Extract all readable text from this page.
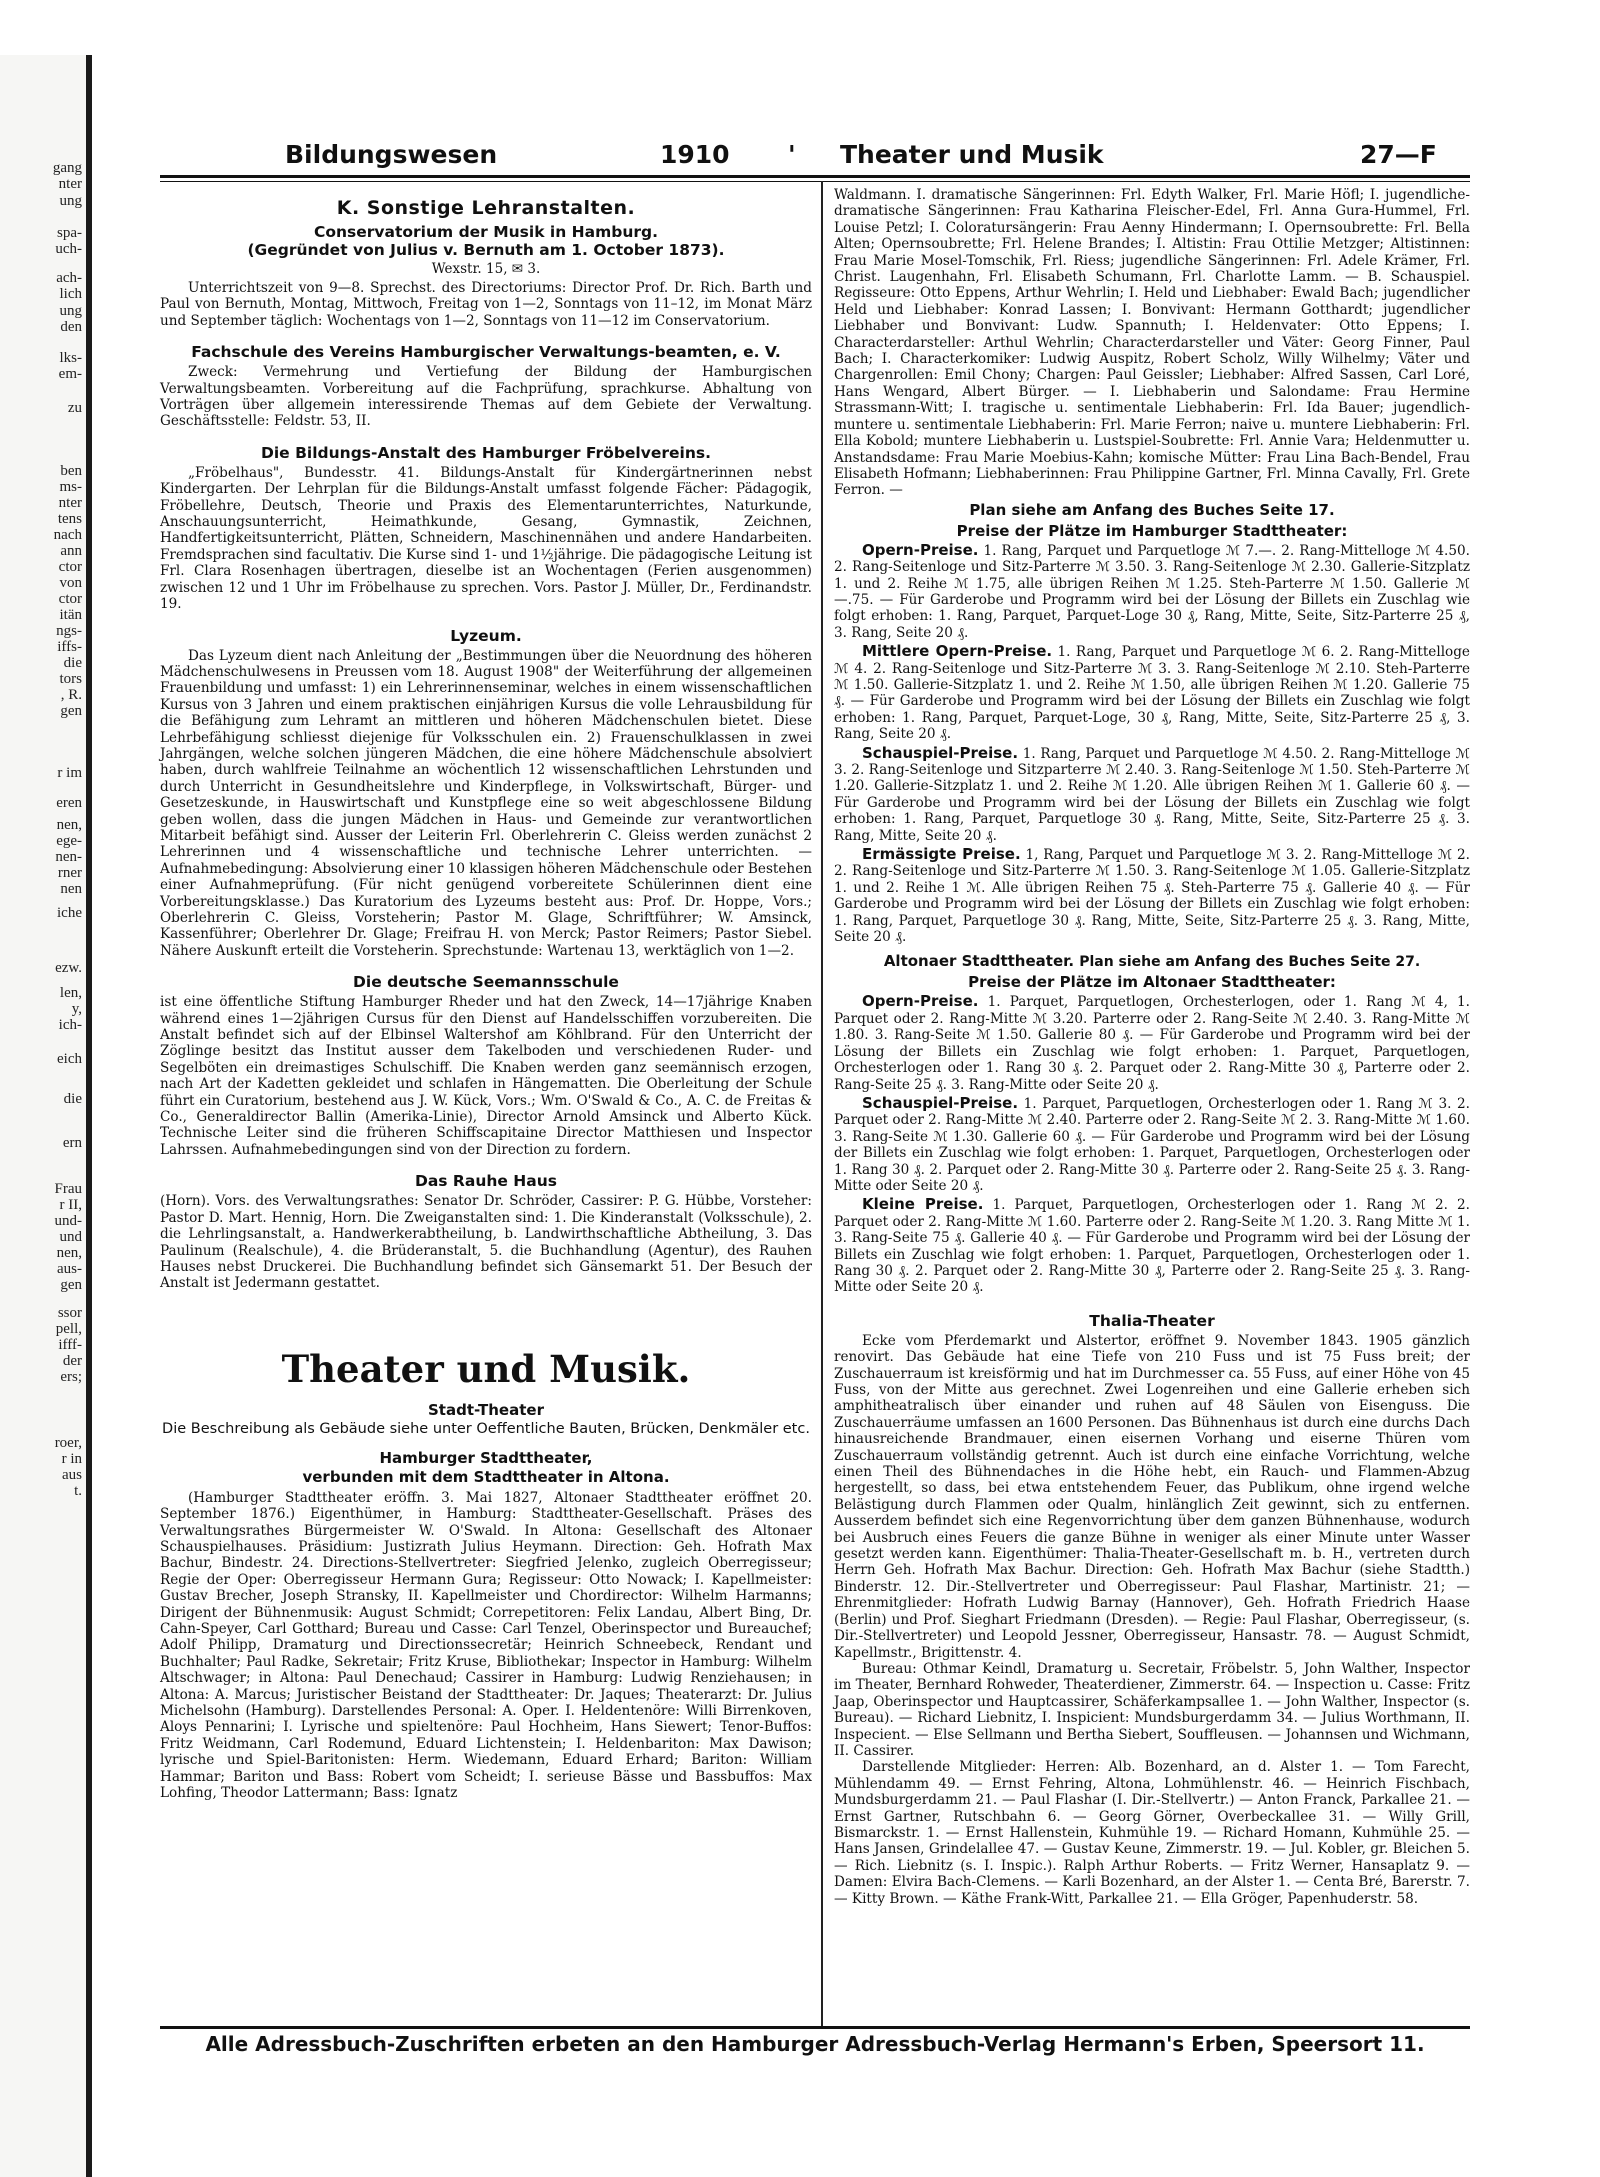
gang
nter
ung
spa-
uch-
ach-
lich
ung
den
lks-
em-
zu
ben
ms-
nter
tens
nach
ann
ctor
von
ctor
itän
ngs-
iffs-
die
tors
, R.
gen
r im
eren
nen,
ege-
nen-
rner
nen
iche
ezw.
len,
y,
ich-
eich
die
ern
Frau
r II,
und-
und
nen,
aus-
gen
ssor
pell,
ifff-
der
ers;
roer,
r in
aus
t.
Bildungswesen	1910 ' Theater und Musik	27—F
K. Sonstige Lehranstalten.
Conservatorium der Musik in Hamburg.
(Gegründet von Julius v. Bernuth am 1. October 1873).
Wexstr. 15, ✉ 3.

Unterrichtszeit von 9—8. Sprechst. des Directoriums: Director Prof. Dr. Rich. Barth und Paul von Bernuth, Montag, Mittwoch, Freitag von 1—2, Sonntags von 11–12, im Monat März und September täglich: Wochentags von 1—2, Sonntags von 11—12 im Conservatorium.

Fachschule des Vereins Hamburgischer Verwaltungs-beamten, e. V.

Zweck: Vermehrung und Vertiefung der Bildung der Hamburgischen Verwaltungsbeamten. Vorbereitung auf die Fachprüfung, sprachkurse. Abhaltung von Vorträgen über allgemein interessirende Themas auf dem Gebiete der Verwaltung. Geschäftsstelle: Feldstr. 53, II.

Die Bildungs-Anstalt des Hamburger Fröbelvereins.

„Fröbelhaus", Bundesstr. 41. Bildungs-Anstalt für Kindergärtnerinnen nebst Kindergarten. Der Lehrplan für die Bildungs-Anstalt umfasst folgende Fächer: Pädagogik, Fröbellehre, Deutsch, Theorie und Praxis des Elementarunterrichtes, Naturkunde, Anschauungsunterricht, Heimathkunde, Gesang, Gymnastik, Zeichnen, Handfertigkeitsunterricht, Plätten, Schneidern, Maschinennähen und andere Handarbeiten. Fremdsprachen sind facultativ. Die Kurse sind 1- und 1½jährige. Die pädagogische Leitung ist Frl. Clara Rosenhagen übertragen, dieselbe ist an Wochentagen (Ferien ausgenommen) zwischen 12 und 1 Uhr im Fröbelhause zu sprechen. Vors. Pastor J. Müller, Dr., Ferdinandstr. 19.

Lyzeum.

Das Lyzeum dient nach Anleitung der „Bestimmungen über die Neuordnung des höheren Mädchenschulwesens in Preussen vom 18. August 1908" der Weiterführung der allgemeinen Frauenbildung und umfasst: 1) ein Lehrerinnenseminar, welches in einem wissenschaftlichen Kursus von 3 Jahren und einem praktischen einjährigen Kursus die volle Lehrausbildung für die Befähigung zum Lehramt an mittleren und höheren Mädchenschulen bietet. Diese Lehrbefähigung schliesst diejenige für Volksschulen ein. 2) Frauenschulklassen in zwei Jahrgängen, welche solchen jüngeren Mädchen, die eine höhere Mädchenschule absolviert haben, durch wahlfreie Teilnahme an wöchentlich 12 wissenschaftlichen Lehrstunden und durch Unterricht in Gesundheitslehre und Kinderpflege, in Volkswirtschaft, Bürger- und Gesetzeskunde, in Hauswirtschaft und Kunstpflege eine so weit abgeschlossene Bildung geben wollen, dass die jungen Mädchen in Haus- und Gemeinde zur verantwortlichen Mitarbeit befähigt sind. Ausser der Leiterin Frl. Oberlehrerin C. Gleiss werden zunächst 2 Lehrerinnen und 4 wissenschaftliche und technische Lehrer unterrichten. — Aufnahmebedingung: Absolvierung einer 10 klassigen höheren Mädchenschule oder Bestehen einer Aufnahmeprüfung. (Für nicht genügend vorbereitete Schülerinnen dient eine Vorbereitungsklasse.) Das Kuratorium des Lyzeums besteht aus: Prof. Dr. Hoppe, Vors.; Oberlehrerin C. Gleiss, Vorsteherin; Pastor M. Glage, Schriftführer; W. Amsinck, Kassenführer; Oberlehrer Dr. Glage; Freifrau H. von Merck; Pastor Reimers; Pastor Siebel. Nähere Auskunft erteilt die Vorsteherin. Sprechstunde: Wartenau 13, werktäglich von 1—2.

Die deutsche Seemannsschule

ist eine öffentliche Stiftung Hamburger Rheder und hat den Zweck, 14—17jährige Knaben während eines 1—2jährigen Cursus für den Dienst auf Handelsschiffen vorzubereiten. Die Anstalt befindet sich auf der Elbinsel Waltershof am Köhlbrand. Für den Unterricht der Zöglinge besitzt das Institut ausser dem Takelboden und verschiedenen Ruder- und Segelböten ein dreimastiges Schulschiff. Die Knaben werden ganz seemännisch erzogen, nach Art der Kadetten gekleidet und schlafen in Hängematten. Die Oberleitung der Schule führt ein Curatorium, bestehend aus J. W. Kück, Vors.; Wm. O'Swald & Co., A. C. de Freitas & Co., Generaldirector Ballin (Amerika-Linie), Director Arnold Amsinck und Alberto Kück. Technische Leiter sind die früheren Schiffscapitaine Director Matthiesen und Inspector Lahrssen. Aufnahmebedingungen sind von der Direction zu fordern.

Das Rauhe Haus

(Horn). Vors. des Verwaltungsrathes: Senator Dr. Schröder, Cassirer: P. G. Hübbe, Vorsteher: Pastor D. Mart. Hennig, Horn. Die Zweiganstalten sind: 1. Die Kinderanstalt (Volksschule), 2. die Lehrlingsanstalt, a. Handwerkerabtheilung, b. Landwirthschaftliche Abtheilung, 3. Das Paulinum (Realschule), 4. die Brüderanstalt, 5. die Buchhandlung (Agentur), des Rauhen Hauses nebst Druckerei. Die Buchhandlung befindet sich Gänsemarkt 51. Der Besuch der Anstalt ist Jedermann gestattet.

Theater und Musik.
Stadt-Theater
Die Beschreibung als Gebäude siehe unter Oeffentliche Bauten, Brücken, Denkmäler etc.
Hamburger Stadttheater,
verbunden mit dem Stadttheater in Altona.

(Hamburger Stadttheater eröffn. 3. Mai 1827, Altonaer Stadttheater eröffnet 20. September 1876.) Eigenthümer, in Hamburg: Stadttheater-Gesellschaft. Präses des Verwaltungsrathes Bürgermeister W. O'Swald. In Altona: Gesellschaft des Altonaer Schauspielhauses. Präsidium: Justizrath Julius Heymann. Direction: Geh. Hofrath Max Bachur, Bindestr. 24. Directions-Stellvertreter: Siegfried Jelenko, zugleich Oberregisseur; Regie der Oper: Oberregisseur Hermann Gura; Regisseur: Otto Nowack; I. Kapellmeister: Gustav Brecher, Joseph Stransky, II. Kapellmeister und Chordirector: Wilhelm Harmanns; Dirigent der Bühnenmusik: August Schmidt; Correpetitoren: Felix Landau, Albert Bing, Dr. Cahn-Speyer, Carl Gotthard; Bureau und Casse: Carl Tenzel, Oberinspector und Bureauchef; Adolf Philipp, Dramaturg und Directionssecretär; Heinrich Schneebeck, Rendant und Buchhalter; Paul Radke, Sekretair; Fritz Kruse, Bibliothekar; Inspector in Hamburg: Wilhelm Altschwager; in Altona: Paul Denechaud; Cassirer in Hamburg: Ludwig Renziehausen; in Altona: A. Marcus; Juristischer Beistand der Stadttheater: Dr. Jaques; Theaterarzt: Dr. Julius Michelsohn (Hamburg). Darstellendes Personal: A. Oper. I. Heldentenöre: Willi Birrenkoven, Aloys Pennarini; I. Lyrische und spieltenöre: Paul Hochheim, Hans Siewert; Tenor-Buffos: Fritz Weidmann, Carl Rodemund, Eduard Lichtenstein; I. Heldenbariton: Max Dawison; lyrische und Spiel-Baritonisten: Herm. Wiedemann, Eduard Erhard; Bariton: William Hammar; Bariton und Bass: Robert vom Scheidt; I. serieuse Bässe und Bassbuffos: Max Lohfing, Theodor Lattermann; Bass: Ignatz

Waldmann. I. dramatische Sängerinnen: Frl. Edyth Walker, Frl. Marie Höfl; I. jugendliche-dramatische Sängerinnen: Frau Katharina Fleischer-Edel, Frl. Anna Gura-Hummel, Frl. Louise Petzl; I. Coloratursängerin: Frau Aenny Hindermann; I. Opernsoubrette: Frl. Bella Alten; Opernsoubrette; Frl. Helene Brandes; I. Altistin: Frau Ottilie Metzger; Altistinnen: Frau Marie Mosel-Tomschik, Frl. Riess; jugendliche Sängerinnen: Frl. Adele Krämer, Frl. Christ. Laugenhahn, Frl. Elisabeth Schumann, Frl. Charlotte Lamm. — B. Schauspiel. Regisseure: Otto Eppens, Arthur Wehrlin; I. Held und Liebhaber: Ewald Bach; jugendlicher Held und Liebhaber: Konrad Lassen; I. Bonvivant: Hermann Gotthardt; jugendlicher Liebhaber und Bonvivant: Ludw. Spannuth; I. Heldenvater: Otto Eppens; I. Characterdarsteller: Arthul Wehrlin; Characterdarsteller und Väter: Georg Finner, Paul Bach; I. Characterkomiker: Ludwig Auspitz, Robert Scholz, Willy Wilhelmy; Väter und Chargenrollen: Emil Chony; Chargen: Paul Geissler; Liebhaber: Alfred Sassen, Carl Loré, Hans Wengard, Albert Bürger. — I. Liebhaberin und Salondame: Frau Hermine Strassmann-Witt; I. tragische u. sentimentale Liebhaberin: Frl. Ida Bauer; jugendlich-muntere u. sentimentale Liebhaberin: Frl. Marie Ferron; naive u. muntere Liebhaberin: Frl. Ella Kobold; muntere Liebhaberin u. Lustspiel-Soubrette: Frl. Annie Vara; Heldenmutter u. Anstandsdame: Frau Marie Moebius-Kahn; komische Mütter: Frau Lina Bach-Bendel, Frau Elisabeth Hofmann; Liebhaberinnen: Frau Philippine Gartner, Frl. Minna Cavally, Frl. Grete Ferron. —

Plan siehe am Anfang des Buches Seite 17.
Preise der Plätze im Hamburger Stadttheater:

Opern-Preise. 1. Rang, Parquet und Parquetloge ℳ 7.—. 2. Rang-Mittelloge ℳ 4.50. 2. Rang-Seitenloge und Sitz-Parterre ℳ 3.50. 3. Rang-Seitenloge ℳ 2.30. Gallerie-Sitzplatz 1. und 2. Reihe ℳ 1.75, alle übrigen Reihen ℳ 1.25. Steh-Parterre ℳ 1.50. Gallerie ℳ —.75. — Für Garderobe und Programm wird bei der Lösung der Billets ein Zuschlag wie folgt erhoben: 1. Rang, Parquet, Parquet-Loge 30 ₰, Rang, Mitte, Seite, Sitz-Parterre 25 ₰, 3. Rang, Seite 20 ₰.

Mittlere Opern-Preise. 1. Rang, Parquet und Parquetloge ℳ 6. 2. Rang-Mittelloge ℳ 4. 2. Rang-Seitenloge und Sitz-Parterre ℳ 3. 3. Rang-Seitenloge ℳ 2.10. Steh-Parterre ℳ 1.50. Gallerie-Sitzplatz 1. und 2. Reihe ℳ 1.50, alle übrigen Reihen ℳ 1.20. Gallerie 75 ₰. — Für Garderobe und Programm wird bei der Lösung der Billets ein Zuschlag wie folgt erhoben: 1. Rang, Parquet, Parquet-Loge, 30 ₰, Rang, Mitte, Seite, Sitz-Parterre 25 ₰, 3. Rang, Seite 20 ₰.

Schauspiel-Preise. 1. Rang, Parquet und Parquetloge ℳ 4.50. 2. Rang-Mittelloge ℳ 3. 2. Rang-Seitenloge und Sitzparterre ℳ 2.40. 3. Rang-Seitenloge ℳ 1.50. Steh-Parterre ℳ 1.20. Gallerie-Sitzplatz 1. und 2. Reihe ℳ 1.20. Alle übrigen Reihen ℳ 1. Gallerie 60 ₰. — Für Garderobe und Programm wird bei der Lösung der Billets ein Zuschlag wie folgt erhoben: 1. Rang, Parquet, Parquetloge 30 ₰. Rang, Mitte, Seite, Sitz-Parterre 25 ₰. 3. Rang, Mitte, Seite 20 ₰.

Ermässigte Preise. 1, Rang, Parquet und Parquetloge ℳ 3. 2. Rang-Mittelloge ℳ 2. 2. Rang-Seitenloge und Sitz-Parterre ℳ 1.50. 3. Rang-Seitenloge ℳ 1.05. Gallerie-Sitzplatz 1. und 2. Reihe 1 ℳ. Alle übrigen Reihen 75 ₰. Steh-Parterre 75 ₰. Gallerie 40 ₰. — Für Garderobe und Programm wird bei der Lösung der Billets ein Zuschlag wie folgt erhoben: 1. Rang, Parquet, Parquetloge 30 ₰. Rang, Mitte, Seite, Sitz-Parterre 25 ₰. 3. Rang, Mitte, Seite 20 ₰.

Altonaer Stadttheater. Plan siehe am Anfang des Buches Seite 27.
Preise der Plätze im Altonaer Stadttheater:

Opern-Preise. 1. Parquet, Parquetlogen, Orchesterlogen, oder 1. Rang ℳ 4, 1. Parquet oder 2. Rang-Mitte ℳ 3.20. Parterre oder 2. Rang-Seite ℳ 2.40. 3. Rang-Mitte ℳ 1.80. 3. Rang-Seite ℳ 1.50. Gallerie 80 ₰. — Für Garderobe und Programm wird bei der Lösung der Billets ein Zuschlag wie folgt erhoben: 1. Parquet, Parquetlogen, Orchesterlogen oder 1. Rang 30 ₰. 2. Parquet oder 2. Rang-Mitte 30 ₰, Parterre oder 2. Rang-Seite 25 ₰. 3. Rang-Mitte oder Seite 20 ₰.

Schauspiel-Preise. 1. Parquet, Parquetlogen, Orchesterlogen oder 1. Rang ℳ 3. 2. Parquet oder 2. Rang-Mitte ℳ 2.40. Parterre oder 2. Rang-Seite ℳ 2. 3. Rang-Mitte ℳ 1.60. 3. Rang-Seite ℳ 1.30. Gallerie 60 ₰. — Für Garderobe und Programm wird bei der Lösung der Billets ein Zuschlag wie folgt erhoben: 1. Parquet, Parquetlogen, Orchesterlogen oder 1. Rang 30 ₰. 2. Parquet oder 2. Rang-Mitte 30 ₰. Parterre oder 2. Rang-Seite 25 ₰. 3. Rang-Mitte oder Seite 20 ₰.

Kleine Preise. 1. Parquet, Parquetlogen, Orchesterlogen oder 1. Rang ℳ 2. 2. Parquet oder 2. Rang-Mitte ℳ 1.60. Parterre oder 2. Rang-Seite ℳ 1.20. 3. Rang Mitte ℳ 1. 3. Rang-Seite 75 ₰. Gallerie 40 ₰. — Für Garderobe und Programm wird bei der Lösung der Billets ein Zuschlag wie folgt erhoben: 1. Parquet, Parquetlogen, Orchesterlogen oder 1. Rang 30 ₰. 2. Parquet oder 2. Rang-Mitte 30 ₰, Parterre oder 2. Rang-Seite 25 ₰. 3. Rang-Mitte oder Seite 20 ₰.

Thalia-Theater

Ecke vom Pferdemarkt und Alstertor, eröffnet 9. November 1843. 1905 gänzlich renovirt. Das Gebäude hat eine Tiefe von 210 Fuss und ist 75 Fuss breit; der Zuschauerraum ist kreisförmig und hat im Durchmesser ca. 55 Fuss, auf einer Höhe von 45 Fuss, von der Mitte aus gerechnet. Zwei Logenreihen und eine Gallerie erheben sich amphitheatralisch über einander und ruhen auf 48 Säulen von Eisenguss. Die Zuschauerräume umfassen an 1600 Personen. Das Bühnenhaus ist durch eine durchs Dach hinausreichende Brandmauer, einen eisernen Vorhang und eiserne Thüren vom Zuschauerraum vollständig getrennt. Auch ist durch eine einfache Vorrichtung, welche einen Theil des Bühnendaches in die Höhe hebt, ein Rauch- und Flammen-Abzug hergestellt, so dass, bei etwa entstehendem Feuer, das Publikum, ohne irgend welche Belästigung durch Flammen oder Qualm, hinlänglich Zeit gewinnt, sich zu entfernen. Ausserdem befindet sich eine Regenvorrichtung über dem ganzen Bühnenhause, wodurch bei Ausbruch eines Feuers die ganze Bühne in weniger als einer Minute unter Wasser gesetzt werden kann. Eigenthümer: Thalia-Theater-Gesellschaft m. b. H., vertreten durch Herrn Geh. Hofrath Max Bachur. Direction: Geh. Hofrath Max Bachur (siehe Stadtth.) Binderstr. 12. Dir.-Stellvertreter und Oberregisseur: Paul Flashar, Martinistr. 21; — Ehrenmitglieder: Hofrath Ludwig Barnay (Hannover), Geh. Hofrath Friedrich Haase (Berlin) und Prof. Sieghart Friedmann (Dresden). — Regie: Paul Flashar, Oberregisseur, (s. Dir.-Stellvertreter) und Leopold Jessner, Oberregisseur, Hansastr. 78. — August Schmidt, Kapellmstr., Brigittenstr. 4.

Bureau: Othmar Keindl, Dramaturg u. Secretair, Fröbelstr. 5, John Walther, Inspector im Theater, Bernhard Rohweder, Theaterdiener, Zimmerstr. 64. — Inspection u. Casse: Fritz Jaap, Oberinspector und Hauptcassirer, Schäferkampsallee 1. — John Walther, Inspector (s. Bureau). — Richard Liebnitz, I. Inspicient: Mundsburgerdamm 34. — Julius Worthmann, II. Inspecient. — Else Sellmann und Bertha Siebert, Souffleusen. — Johannsen und Wichmann, II. Cassirer.

Darstellende Mitglieder: Herren: Alb. Bozenhard, an d. Alster 1. — Tom Farecht, Mühlendamm 49. — Ernst Fehring, Altona, Lohmühlenstr. 46. — Heinrich Fischbach, Mundsburgerdamm 21. — Paul Flashar (I. Dir.-Stellvertr.) — Anton Franck, Parkallee 21. — Ernst Gartner, Rutschbahn 6. — Georg Görner, Overbeckallee 31. — Willy Grill, Bismarckstr. 1. — Ernst Hallenstein, Kuhmühle 19. — Richard Homann, Kuhmühle 25. — Hans Jansen, Grindelallee 47. — Gustav Keune, Zimmerstr. 19. — Jul. Kobler, gr. Bleichen 5. — Rich. Liebnitz (s. I. Inspic.). Ralph Arthur Roberts. — Fritz Werner, Hansaplatz 9. — Damen: Elvira Bach-Clemens. — Karli Bozenhard, an der Alster 1. — Centa Bré, Barerstr. 7. — Kitty Brown. — Käthe Frank-Witt, Parkallee 21. — Ella Gröger, Papenhuderstr. 58.

Alle Adressbuch-Zuschriften erbeten an den Hamburger Adressbuch-Verlag Hermann's Erben, Speersort 11.
